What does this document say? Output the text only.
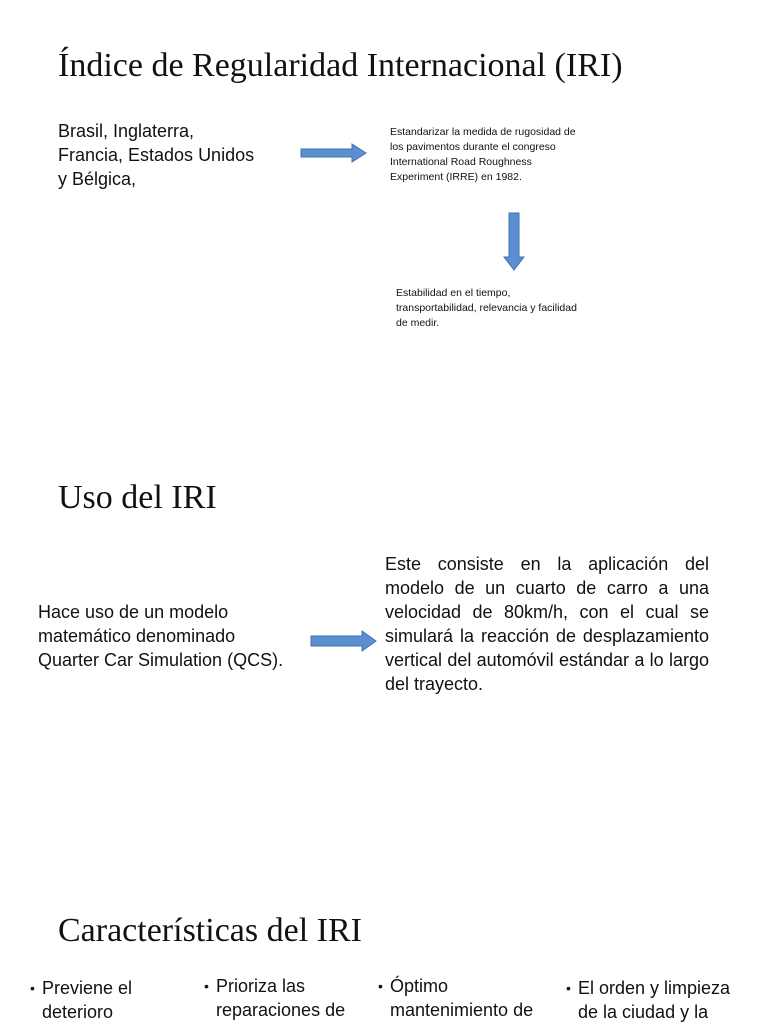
Índice de Regularidad Internacional (IRI)
Brasil, Inglaterra,
Francia, Estados Unidos
y Bélgica,
Estandarizar la medida de rugosidad de
los pavimentos durante el congreso
International Road Roughness
Experiment (IRRE) en 1982.
Estabilidad en el tiempo,
transportabilidad, relevancia y facilidad
de medir.
Uso del IRI
Hace uso de un modelo
matemático denominado
Quarter Car Simulation (QCS).
Este consiste en la aplicación del modelo de un cuarto de carro a una velocidad de 80km/h, con el cual se simulará la reacción de desplazamiento vertical del automóvil estándar a lo largo del trayecto.
Características del IRI
• Previene el
deterioro
• Prioriza las
reparaciones de
• Óptimo
mantenimiento de
• El orden y limpieza
de la ciudad y la
